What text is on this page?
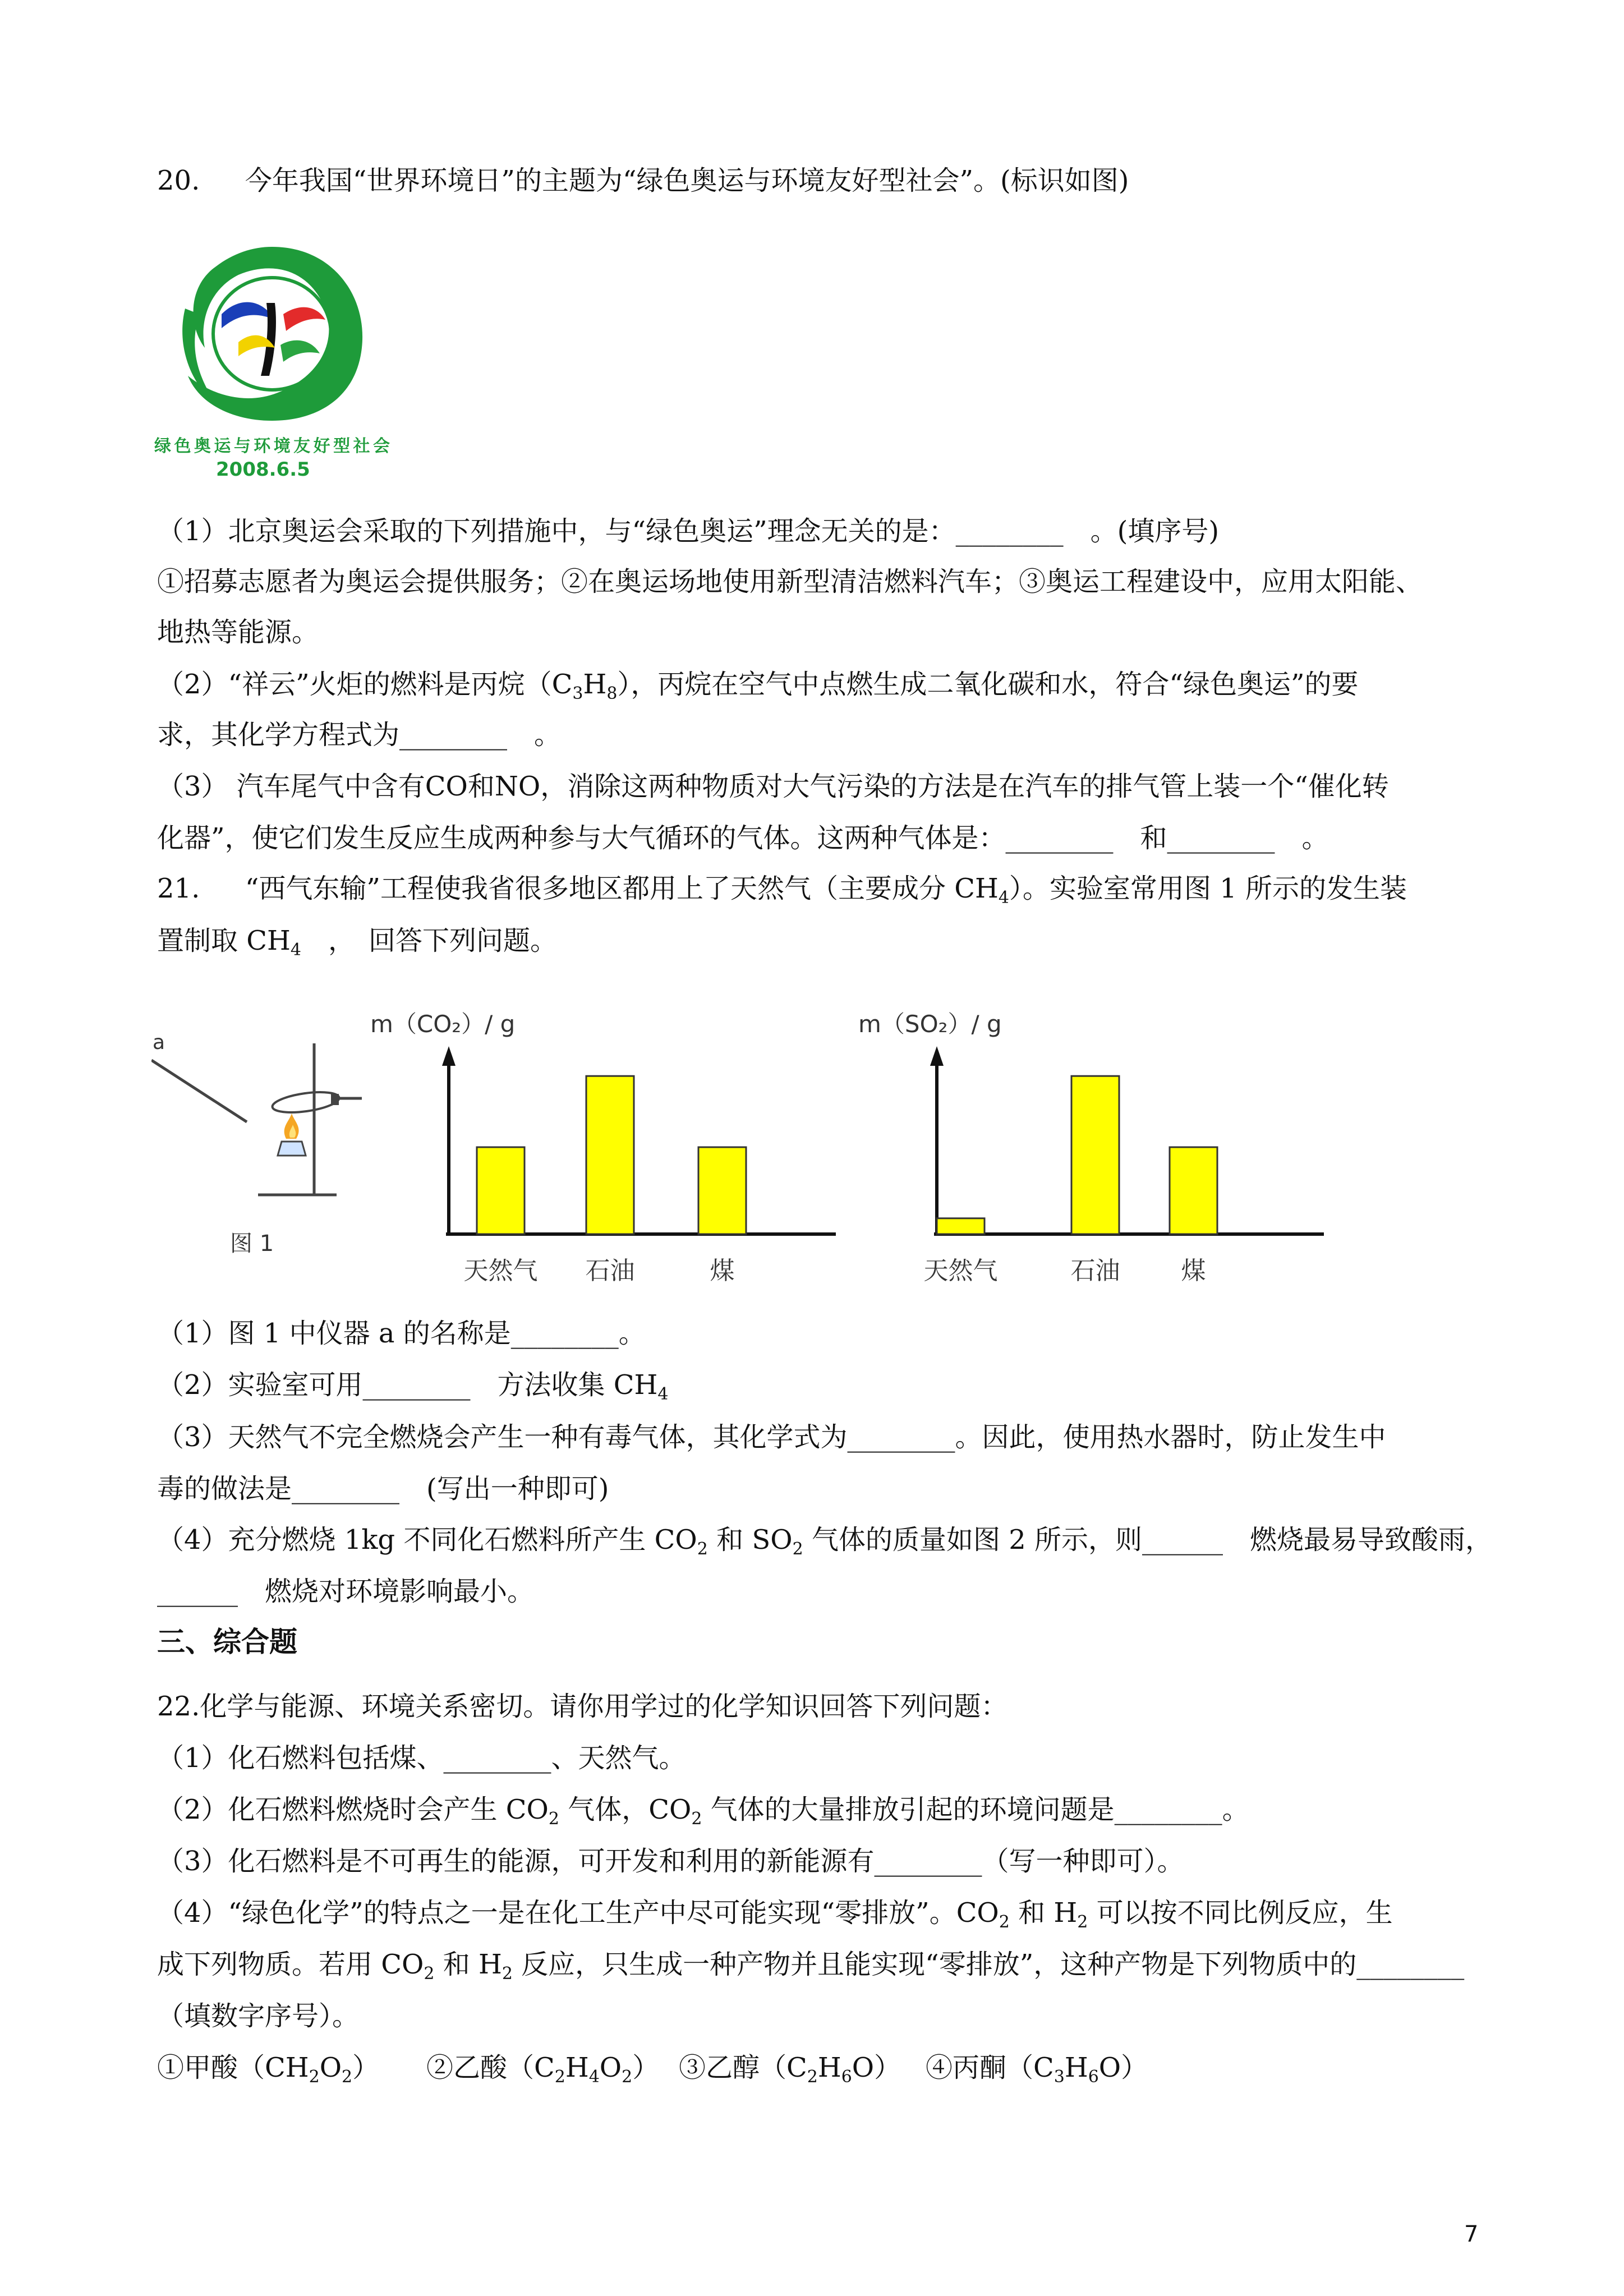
20. 今年我国“世界环境日”的主题为“绿色奥运与环境友好型社会”。(标识如图)
绿色奥运与环境友好型社会
2008.6.5
（1）北京奥运会采取的下列措施中，与“绿色奥运”理念无关的是：________　。(填序号)
①招募志愿者为奥运会提供服务；②在奥运场地使用新型清洁燃料汽车；③奥运工程建设中，应用太阳能、
地热等能源。
（2）“祥云”火炬的燃料是丙烷$(C_3H_8)$，丙烷在空气中点燃生成二氧化碳和水，符合“绿色奥运”的要
求，其化学方程式为________　。
（3） 汽车尾气中含有CO和NO，消除这两种物质对大气污染的方法是在汽车的排气管上装一个“催化转
化器”，使它们发生反应生成两种参与大气循环的气体。这两种气体是：________　和________　。
21. “西气东输”工程使我省很多地区都用上了天然气（主要成分 $CH_4$）。实验室常用图 1 所示的发生装
置制取 $CH_4$　，　回答下列问题。
a
图 1
m（CO₂）/ g
天然气 石油	煤
m（SO₂）/ g
天然气	石油 煤
（1）图 1 中仪器 a 的名称是________。
（2）实验室可用________　方法收集 $CH_4$
（3）天然气不完全燃烧会产生一种有毒气体，其化学式为________。因此，使用热水器时，防止发生中
毒的做法是________　(写出一种即可)
（4）充分燃烧 1kg 不同化石燃料所产生 $CO_2$ 和 $SO_2$ 气体的质量如图 2 所示，则______　燃烧最易导致酸雨，
______　燃烧对环境影响最小。
三、综合题
22.化学与能源、环境关系密切。请你用学过的化学知识回答下列问题：
（1）化石燃料包括煤、________、天然气。
（2）化石燃料燃烧时会产生 $CO_2$ 气体，$CO_2$ 气体的大量排放引起的环境问题是________。
（3）化石燃料是不可再生的能源，可开发和利用的新能源有________（写一种即可）。
（4）“绿色化学”的特点之一是在化工生产中尽可能实现“零排放”。$CO_2$ 和 $H_2$ 可以按不同比例反应，生
成下列物质。若用 $CO_2$ 和 $H_2$ 反应，只生成一种产物并且能实现“零排放”，这种产物是下列物质中的________
（填数字序号）。
①甲酸$(CH_2O_2)$ ②乙酸$(C_2H_4O_2)$ ③乙醇$(C_2H_6O)$ ④丙酮$(C_3H_6O)$
7
